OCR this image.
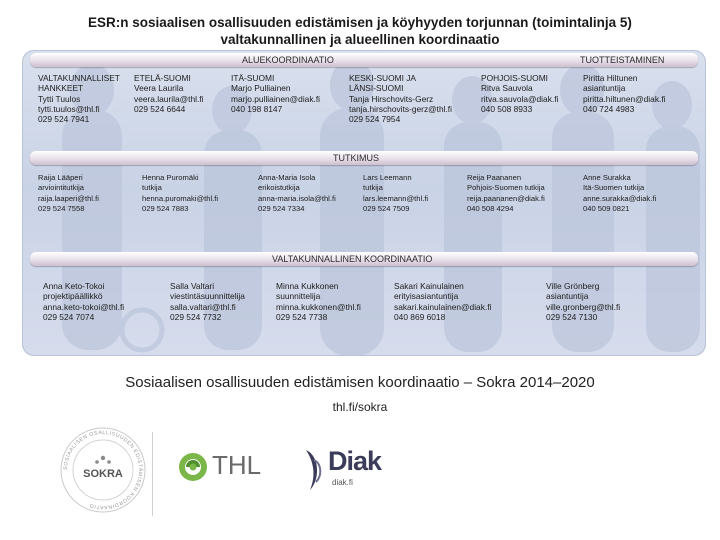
ESR:n sosiaalisen osallisuuden edistämisen ja köyhyyden torjunnan (toimintalinja 5)
valtakunnallinen ja alueellinen koordinaatio
ALUEKOORDINAATIO	TUOTTEISTAMINEN
VALTAKUNNALLISET
HANKKEET
Tytti Tuulos
tytti.tuulos@thl.fi
029 524 7941
ETELÄ-SUOMI
Veera Laurila
veera.laurila@thl.fi
029 524 6644
ITÄ-SUOMI
Marjo Pulliainen
marjo.pulliainen@diak.fi
040 198 8147
KESKI-SUOMI JA
LÄNSI-SUOMI
Tanja Hirschovits-Gerz
tanja.hirschovits-gerz@thl.fi
029 524 7954
POHJOIS-SUOMI
Ritva Sauvola
ritva.sauvola@diak.fi
040 508 8933
Piritta Hiltunen
asiantuntija
piritta.hiltunen@diak.fi
040 724 4983
TUTKIMUS
Raija Lääperi
arviointitutkija
raija.laaperi@thl.fi
029 524 7558
Henna Puromäki
tutkija
henna.puromaki@thl.fi
029 524 7883
Anna-Maria Isola
erikoistutkija
anna-maria.isola@thl.fi
029 524 7334
Lars Leemann
tutkija
lars.leemann@thl.fi
029 524 7509
Reija Paananen
Pohjois-Suomen tutkija
reija.paananen@diak.fi
040 508 4294
Anne Surakka
Itä-Suomen tutkija
anne.surakka@diak.fi
040 509 0821
VALTAKUNNALLINEN KOORDINAATIO
Anna Keto-Tokoi
projektipäällikkö
anna.keto-tokoi@thl.fi
029 524 7074
Salla Valtari
viestintäsuunnittelija
salla.valtari@thl.fi
029 524 7732
Minna Kukkonen
suunnittelija
minna.kukkonen@thl.fi
029 524 7738
Sakari Kainulainen
erityisasiantuntija
sakari.kainulainen@diak.fi
040 869 6018
Ville Grönberg
asiantuntija
ville.gronberg@thl.fi
029 524 7130
Sosiaalisen osallisuuden edistämisen koordinaatio – Sokra 2014–2020
thl.fi/sokra
SOSIAALISEN OSALLISUUDEN EDISTÄMISEN KOORDINAATIO
SOKRA	THL Diak
diak.fi
